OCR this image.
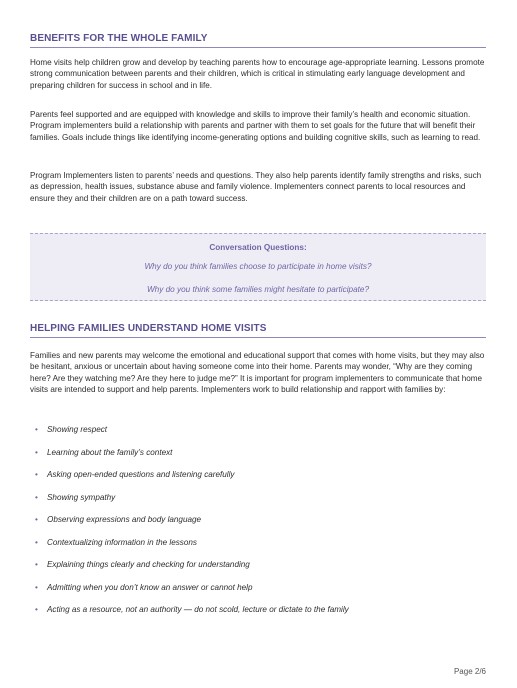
BENEFITS FOR THE WHOLE FAMILY

Home visits help children grow and develop by teaching parents how to encourage age-appropriate learning. Lessons promote strong communication between parents and their children, which is critical in stimulating early language development and preparing children for success in school and in life.

Parents feel supported and are equipped with knowledge and skills to improve their family’s health and economic situation. Program implementers build a relationship with parents and partner with them to set goals for the future that will benefit their families. Goals include things like identifying income-generating options and building cognitive skills, such as learning to read.

Program Implementers listen to parents’ needs and questions. They also help parents identify family strengths and risks, such as depression, health issues, substance abuse and family violence. Implementers connect parents to local resources and ensure they and their children are on a path toward success.

Conversation Questions:
Why do you think families choose to participate in home visits?
Why do you think some families might hesitate to participate?
HELPING FAMILIES UNDERSTAND HOME VISITS

Families and new parents may welcome the emotional and educational support that comes with home visits, but they may also be hesitant, anxious or uncertain about having someone come into their home. Parents may wonder, “Why are they coming here? Are they watching me? Are they here to judge me?” It is important for program implementers to communicate that home visits are intended to support and help parents. Implementers work to build relationship and rapport with families by:

• Showing respect
• Learning about the family’s context
• Asking open-ended questions and listening carefully
• Showing sympathy
• Observing expressions and body language
• Contextualizing information in the lessons
• Explaining things clearly and checking for understanding
• Admitting when you don’t know an answer or cannot help
• Acting as a resource, not an authority — do not scold, lecture or dictate to the family
Page 2/6
